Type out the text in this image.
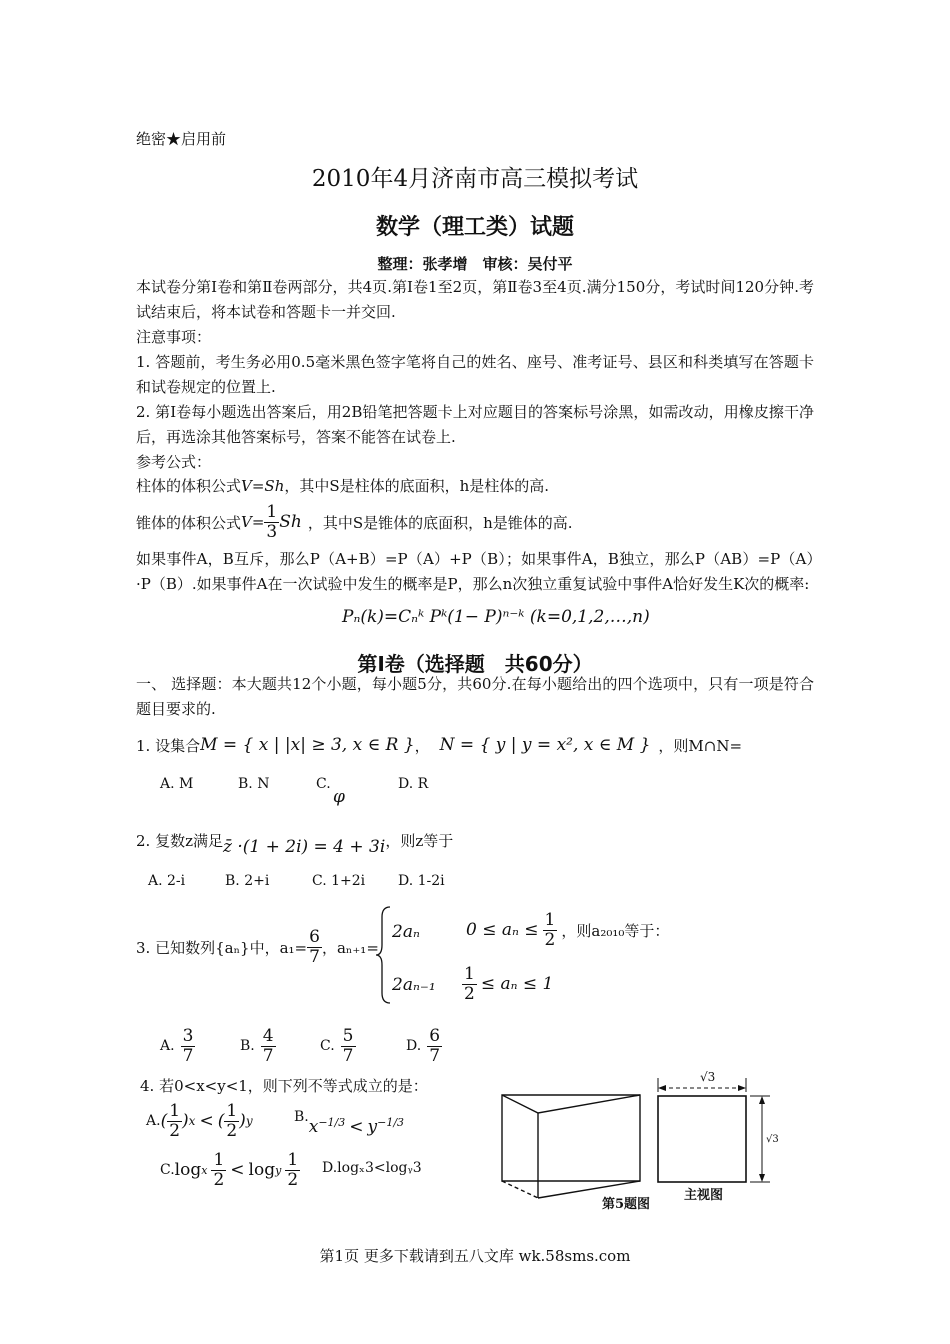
绝密★启用前
2010年4月济南市高三模拟考试
数学（理工类）试题
整理：张孝增　审核：吴付平
本试卷分第Ⅰ卷和第Ⅱ卷两部分，共4页.第Ⅰ卷1至2页，第Ⅱ卷3至4页.满分150分，考试时间120分钟.考试结束后，将本试卷和答题卡一并交回.
注意事项：
1. 答题前，考生务必用0.5毫米黑色签字笔将自己的姓名、座号、准考证号、县区和科类填写在答题卡和试卷规定的位置上.
2. 第Ⅰ卷每小题选出答案后，用2B铅笔把答题卡上对应题目的答案标号涂黑，如需改动，用橡皮擦干净后，再选涂其他答案标号，答案不能答在试卷上.
参考公式：
柱体的体积公式V=Sh，其中S是柱体的底面积，h是柱体的高.
锥体的体积公式 $V= \frac{1}{3}$ Sh ，其中S是锥体的底面积，h是锥体的高.
如果事件A，B互斥，那么P（A+B）=P（A）+P（B）；如果事件A，B独立，那么P（AB）=P（A）·P（B）.如果事件A在一次试验中发生的概率是P，那么n次独立重复试验中事件A恰好发生K次的概率:
Pₙ(k)=Cₙᵏ Pᵏ(1− P)ⁿ⁻ᵏ (k=0,1,2,…,n)
第Ⅰ卷（选择题　共60分）
一、 选择题：本大题共12个小题，每小题5分，共60分.在每小题给出的四个选项中，只有一项是符合题目要求的.
1. 设集合 M = { x | |x| ≥ 3, x ∈ R } ， N = { y | y = x², x ∈ M } ，则M∩N=
A. M	B. N	C.
φ
D. R
2. 复数z满足 z̄ ·(1 + 2i) = 4 + 3i ，则z等于
A. 2-i	B. 2+i	C. 1+2i D. 1-2i
3. 已知数列{aₙ}中，$a_1= \frac{6}{7}$ ，aₙ₊₁=
2aₙ	$0 \le a_n \le \frac{1}{2}$ ，则a₂₀₁₀等于：
$2a_{n-1} \frac{1}{2} \le a_n \le 1$
A. $\frac{3}{7}$	B. $\frac{4}{7}$	C. $\frac{5}{7}$	D. $\frac{6}{7}$
4. 若0<x<y<1，则下列不等式成立的是：
A. ( $\frac{1}{2}$ ) x < ( $\frac{1}{2}$ ) y	B. $x^{-1/3} < y^{-1/3}$
C. log x $\frac{1}{2} < \log y \frac{1}{2}$ D.logₓ3<logᵧ3
第5题图
√3
√3
主视图
第1页 更多下载请到五八文库 wk.58sms.com
